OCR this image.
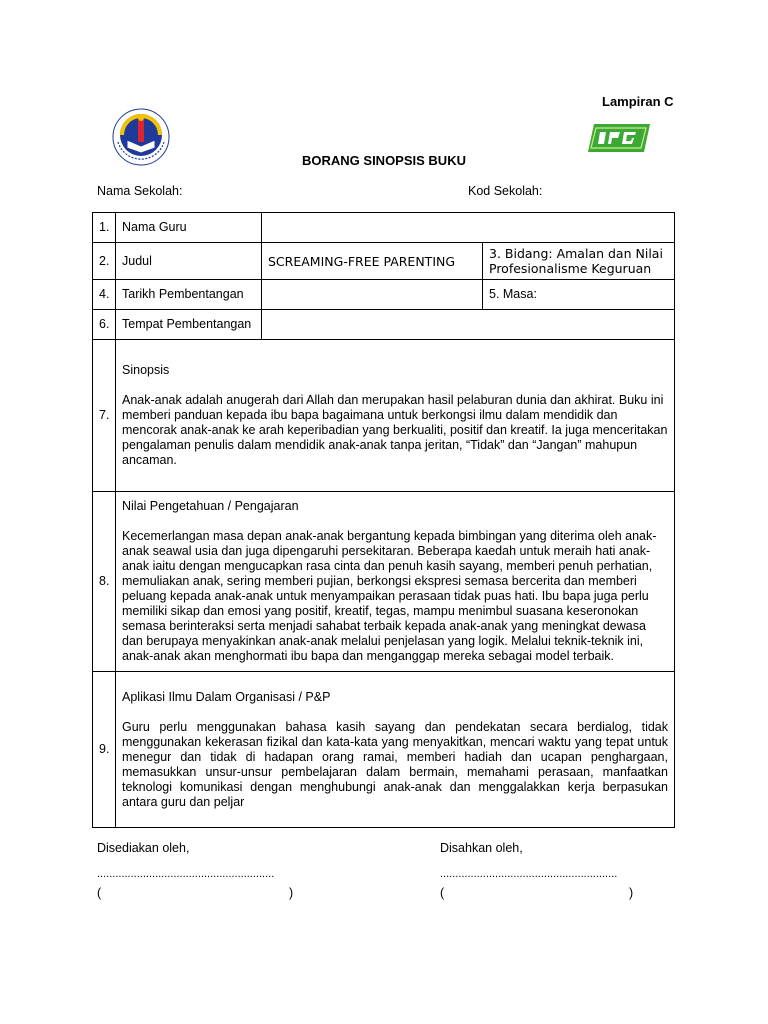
Lampiran C
BORANG SINOPSIS BUKU
Nama Sekolah:	Kod Sekolah:
1.	Nama Guru		
2.	Judul	SCREAMING-FREE PARENTING	3. Bidang: Amalan dan Nilai Profesionalisme Keguruan
4.	Tarikh Pembentangan		5. Masa:
6.	Tempat Pembentangan		
7.	Sinopsis
Anak-anak adalah anugerah dari Allah dan merupakan hasil pelaburan dunia dan akhirat. Buku ini memberi panduan kepada ibu bapa bagaimana untuk berkongsi ilmu dalam mendidik dan mencorak anak-anak ke arah keperibadian yang berkualiti, positif dan kreatif. Ia juga menceritakan pengalaman penulis dalam mendidik anak-anak tanpa jeritan, “Tidak” dan “Jangan” mahupun ancaman.		

8.	Nilai Pengetahuan / Pengajaran
Kecemerlangan masa depan anak-anak bergantung kepada bimbingan yang diterima oleh anak-anak seawal usia dan juga dipengaruhi persekitaran. Beberapa kaedah untuk meraih hati anak-anak iaitu dengan mengucapkan rasa cinta dan penuh kasih sayang, memberi penuh perhatian, memuliakan anak, sering memberi pujian, berkongsi ekspresi semasa bercerita dan memberi peluang kepada anak-anak untuk menyampaikan perasaan tidak puas hati. Ibu bapa juga perlu memiliki sikap dan emosi yang positif, kreatif, tegas, mampu menimbul suasana keseronokan semasa berinteraksi serta menjadi sahabat terbaik kepada anak-anak yang meningkat dewasa dan berupaya menyakinkan anak-anak melalui penjelasan yang logik. Melalui teknik-teknik ini, anak-anak akan menghormati ibu bapa dan menganggap mereka sebagai model terbaik.		

9.	Aplikasi Ilmu Dalam Organisasi / P&P
Guru perlu menggunakan bahasa kasih sayang dan pendekatan secara berdialog, tidak menggunakan kekerasan fizikal dan kata-kata yang menyakitkan, mencari waktu yang tepat untuk menegur dan tidak di hadapan orang ramai, memberi hadiah dan ucapan penghargaan, memasukkan unsur-unsur pembelajaran dalam bermain, memahami perasaan, manfaatkan teknologi komunikasi dengan menghubungi anak-anak dan menggalakkan kerja berpasukan antara guru dan peljar		
Disediakan oleh,	Disahkan oleh,
..........................................................	..........................................................
(	)	(	)
